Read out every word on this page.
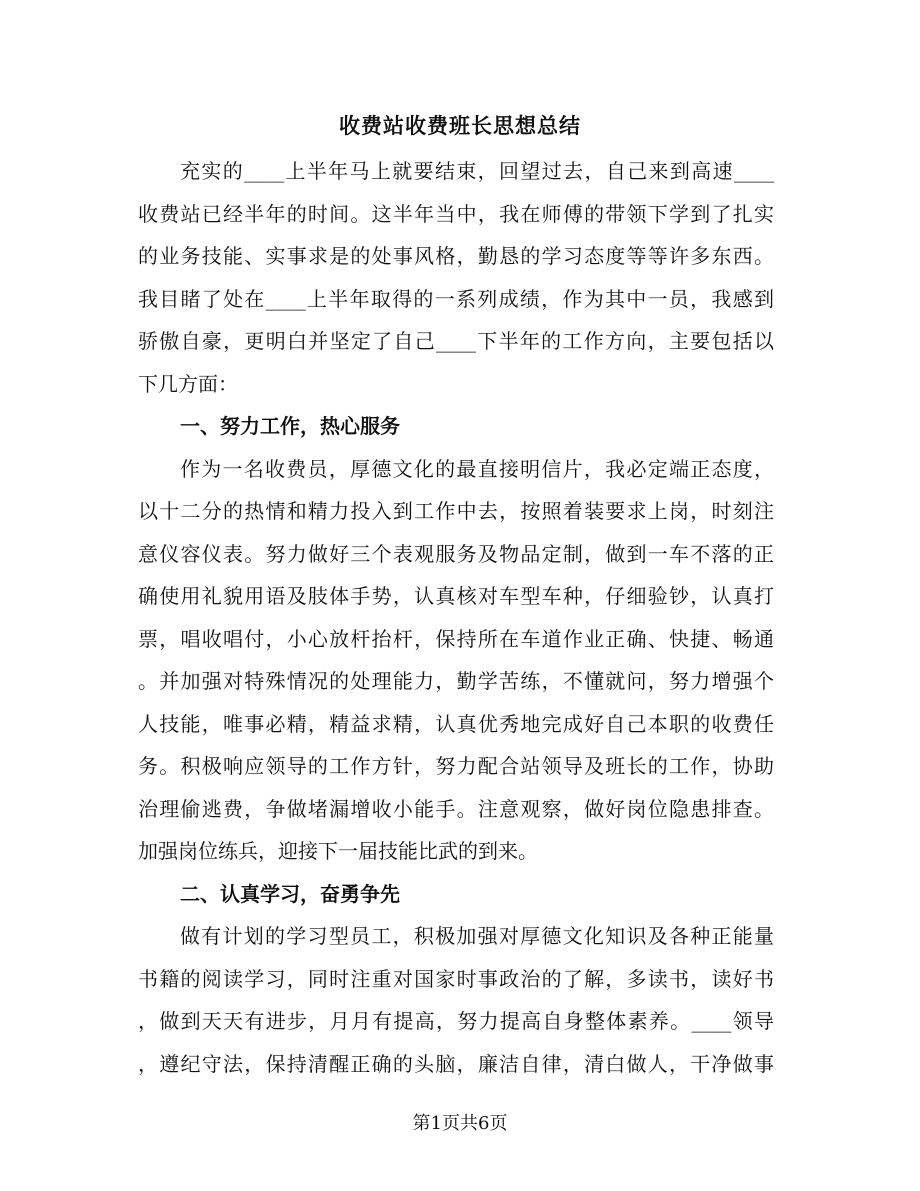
收费站收费班长思想总结
充实的____上半年马上就要结束，回望过去，自己来到高速____
收费站已经半年的时间。这半年当中，我在师傅的带领下学到了扎实
的业务技能、实事求是的处事风格，勤恳的学习态度等等许多东西。
我目睹了处在____上半年取得的一系列成绩，作为其中一员，我感到
骄傲自豪，更明白并坚定了自己____下半年的工作方向，主要包括以
下几方面：
一、努力工作，热心服务
作为一名收费员，厚德文化的最直接明信片，我必定端正态度，
以十二分的热情和精力投入到工作中去，按照着装要求上岗，时刻注
意仪容仪表。努力做好三个表观服务及物品定制，做到一车不落的正
确使用礼貌用语及肢体手势，认真核对车型车种，仔细验钞，认真打
票，唱收唱付，小心放杆抬杆，保持所在车道作业正确、快捷、畅通
。并加强对特殊情况的处理能力，勤学苦练，不懂就问，努力增强个
人技能，唯事必精，精益求精，认真优秀地完成好自己本职的收费任
务。积极响应领导的工作方针，努力配合站领导及班长的工作，协助
治理偷逃费，争做堵漏增收小能手。注意观察，做好岗位隐患排查。
加强岗位练兵，迎接下一届技能比武的到来。
二、认真学习，奋勇争先
做有计划的学习型员工，积极加强对厚德文化知识及各种正能量
书籍的阅读学习，同时注重对国家时事政治的了解，多读书，读好书
，做到天天有进步，月月有提高，努力提高自身整体素养。____领导
，遵纪守法，保持清醒正确的头脑，廉洁自律，清白做人，干净做事
第1页共6页
